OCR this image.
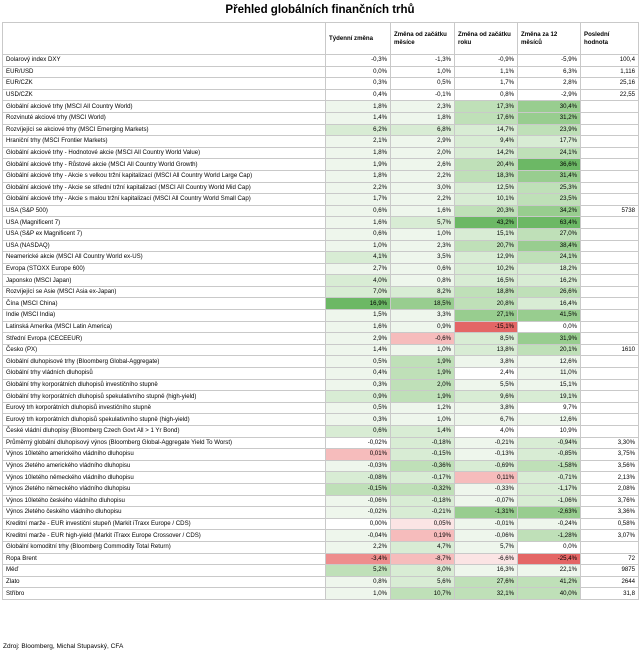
Přehled globálních finančních trhů
	Týdenní změna	Změna od začátku měsíce	Změna od začátku roku	Změna za 12 měsíců	Poslední hodnota
Dolarový index DXY	-0,3%	-1,3%	-0,9%	-5,9%	100,4
EUR/USD	0,0%	1,0%	1,1%	6,3%	1,116
EUR/CZK	0,3%	0,5%	1,7%	2,8%	25,16
USD/CZK	0,4%	-0,1%	0,8%	-2,9%	22,55
Globální akciové trhy (MSCI All Country World)	1,8%	2,3%	17,3%	30,4%	
Rozvinuté akciové trhy (MSCI World)	1,4%	1,8%	17,6%	31,2%	
Rozvíjející se akciové trhy (MSCI Emerging Markets)	6,2%	6,8%	14,7%	23,9%	
Hraniční trhy (MSCI Frontier Markets)	2,1%	2,9%	9,4%	17,7%	
Globální akciové trhy - Hodnotové akcie (MSCI All Country World Value)	1,8%	2,0%	14,2%	24,1%	
Globální akciové trhy - Růstové akcie (MSCI All Country World Growth)	1,9%	2,6%	20,4%	36,6%	
Globální akciové trhy - Akcie s velkou tržní kapitalizací (MSCI All Country World Large Cap)	1,8%	2,2%	18,3%	31,4%	
Globální akciové trhy - Akcie se střední tržní kapitalizací (MSCI All Country World Mid Cap)	2,2%	3,0%	12,5%	25,3%	
Globální akciové trhy - Akcie s malou tržní kapitalizací (MSCI All Country World Small Cap)	1,7%	2,2%	10,1%	23,5%	
USA (S&P 500)	0,6%	1,6%	20,3%	34,2%	5738
USA (Magnificent 7)	1,6%	5,7%	43,2%	63,4%	
USA (S&P ex Magnificent 7)	0,6%	1,0%	15,1%	27,0%	
USA (NASDAQ)	1,0%	2,3%	20,7%	38,4%	
Neamerické akcie (MSCI All Country World ex-US)	4,1%	3,5%	12,9%	24,1%	
Evropa (STOXX Europe 600)	2,7%	0,6%	10,2%	18,2%	
Japonsko (MSCI Japan)	4,0%	0,8%	16,5%	16,2%	
Rozvíjející se Asie (MSCI Asia ex-Japan)	7,0%	8,2%	18,8%	26,6%	
Čína (MSCI China)	16,9%	18,5%	20,8%	16,4%	
Indie (MSCI India)	1,5%	3,3%	27,1%	41,5%	
Latinská Amerika (MSCI Latin America)	1,6%	0,9%	-15,1%	0,0%	
Střední Evropa (CECEEUR)	2,9%	-0,6%	8,5%	31,9%	
Česko (PX)	1,4%	1,0%	13,8%	20,1%	1610
Globální dluhopisové trhy (Bloomberg Global-Aggregate)	0,5%	1,9%	3,8%	12,6%	
Globální trhy vládních dluhopisů	0,4%	1,9%	2,4%	11,0%	
Globální trhy korporátních dluhopisů investičního stupně	0,3%	2,0%	5,5%	15,1%	
Globální trhy korporátních dluhopisů spekulativního stupně (high-yield)	0,9%	1,9%	9,6%	19,1%	
Eurový trh korporátních dluhopisů investičního stupně	0,5%	1,2%	3,8%	9,7%	
Eurový trh korporátních dluhopisů spekulativního stupně (high-yield)	0,3%	1,0%	6,7%	12,6%	
České vládní dluhopisy (Bloomberg Czech Govt All > 1 Yr Bond)	0,6%	1,4%	4,0%	10,9%	
Průměrný globální dluhopisový výnos (Bloomberg Global-Aggregate Yield To Worst)	-0,02%	-0,18%	-0,21%	-0,94%	3,30%
Výnos 10letého amerického vládního dluhopisu	0,01%	-0,15%	-0,13%	-0,85%	3,75%
Výnos 2letého amerického vládního dluhopisu	-0,03%	-0,36%	-0,69%	-1,58%	3,56%
Výnos 10letého německého vládního dluhopisu	-0,08%	-0,17%	0,11%	-0,71%	2,13%
Výnos 2letého německého vládního dluhopisu	-0,15%	-0,32%	-0,33%	-1,17%	2,08%
Výnos 10letého českého vládního dluhopisu	-0,06%	-0,18%	-0,07%	-1,06%	3,76%
Výnos 2letého českého vládního dluhopisu	-0,02%	-0,21%	-1,31%	-2,63%	3,36%
Kreditní marže - EUR investiční stupeň (Markit iTraxx Europe / CDS)	0,00%	0,05%	-0,01%	-0,24%	0,58%
Kreditní marže - EUR high-yield (Markit iTraxx Europe Crossover / CDS)	-0,04%	0,19%	-0,06%	-1,28%	3,07%
Globální komoditní trhy (Bloomberg Commodity Total Return)	2,2%	4,7%	5,7%	0,0%	
Ropa Brent	-3,4%	-8,7%	-6,6%	-25,4%	72
Měď	5,2%	8,0%	16,3%	22,1%	9875
Zlato	0,8%	5,6%	27,6%	41,2%	2644
Stříbro	1,0%	10,7%	32,1%	40,0%	31,8
Zdroj: Bloomberg, Michal Stupavský, CFA
